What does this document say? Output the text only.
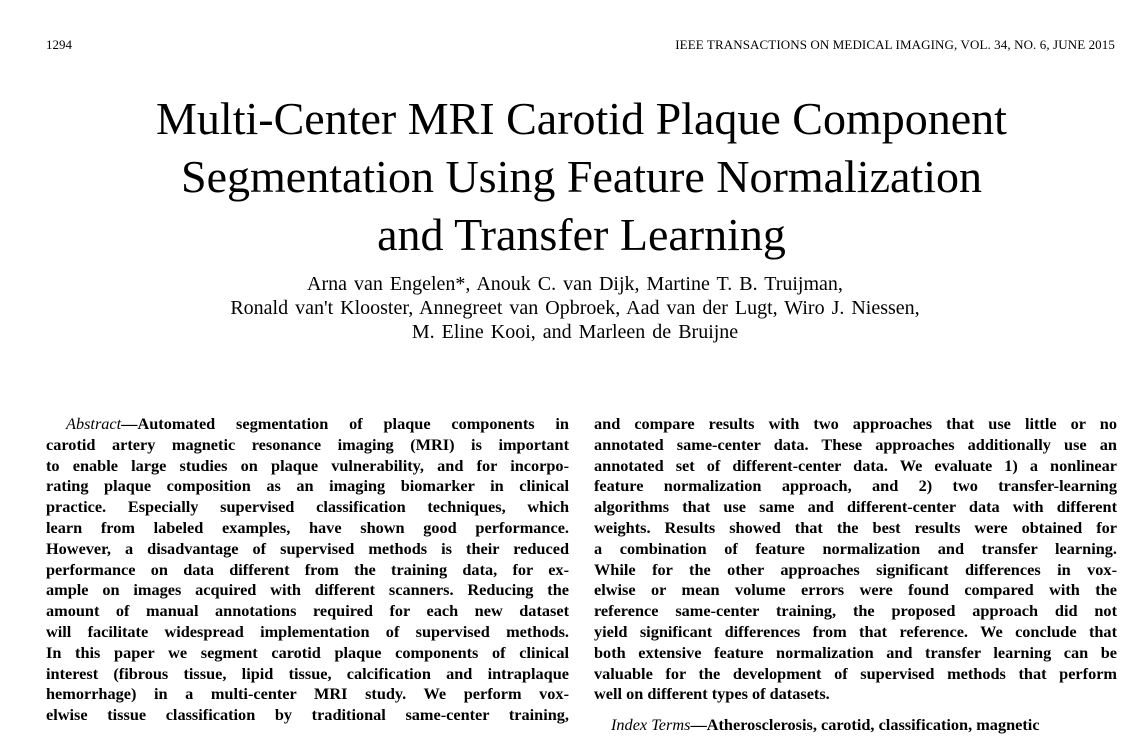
1294	IEEE TRANSACTIONS ON MEDICAL IMAGING, VOL. 34, NO. 6, JUNE 2015
Multi-Center MRI Carotid Plaque Component
Segmentation Using Feature Normalization
and Transfer Learning
Arna van Engelen*, Anouk C. van Dijk, Martine T. B. Truijman,
Ronald van't Klooster, Annegreet van Opbroek, Aad van der Lugt, Wiro J. Niessen,
M. Eline Kooi, and Marleen de Bruijne
Abstract—Automated segmentation of plaque components in
carotid artery magnetic resonance imaging (MRI) is important
to enable large studies on plaque vulnerability, and for incorpo-
rating plaque composition as an imaging biomarker in clinical
practice. Especially supervised classification techniques, which
learn from labeled examples, have shown good performance.
However, a disadvantage of supervised methods is their reduced
performance on data different from the training data, for ex-
ample on images acquired with different scanners. Reducing the
amount of manual annotations required for each new dataset
will facilitate widespread implementation of supervised methods.
In this paper we segment carotid plaque components of clinical
interest (fibrous tissue, lipid tissue, calcification and intraplaque
hemorrhage) in a multi-center MRI study. We perform vox-
elwise tissue classification by traditional same-center training,
and compare results with two approaches that use little or no
annotated same-center data. These approaches additionally use an
annotated set of different-center data. We evaluate 1) a nonlinear
feature normalization approach, and 2) two transfer-learning
algorithms that use same and different-center data with different
weights. Results showed that the best results were obtained for
a combination of feature normalization and transfer learning.
While for the other approaches significant differences in vox-
elwise or mean volume errors were found compared with the
reference same-center training, the proposed approach did not
yield significant differences from that reference. We conclude that
both extensive feature normalization and transfer learning can be
valuable for the development of supervised methods that perform
well on different types of datasets.
Index Terms—Atherosclerosis, carotid, classification, magnetic
